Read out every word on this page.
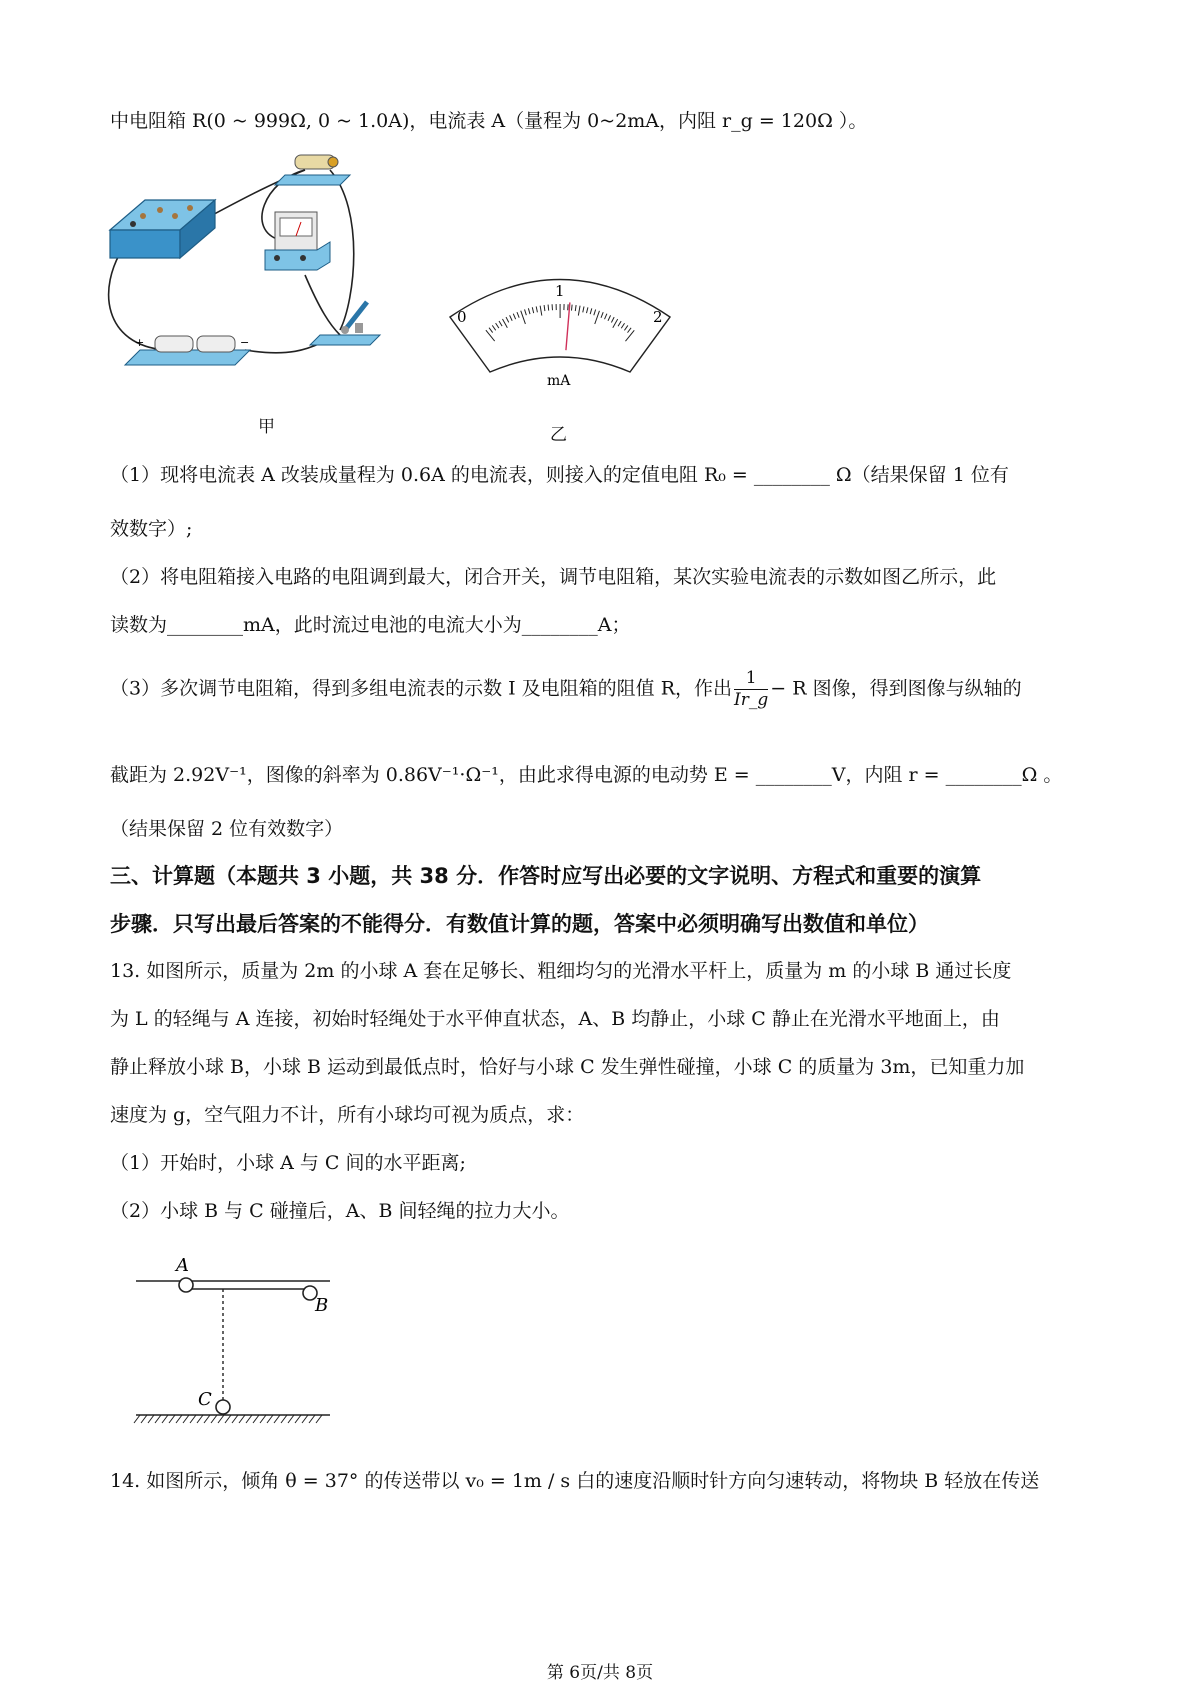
中电阻箱 R(0 ~ 999Ω, 0 ~ 1.0A)，电流表 A（量程为 0~2mA，内阻 r_g = 120Ω ）。
+	−
甲
0
1
2
mA
乙
（1）现将电流表 A 改装成量程为 0.6A 的电流表，则接入的定值电阻 R₀ = ________ Ω（结果保留 1 位有
效数字）;
（2）将电阻箱接入电路的电阻调到最大，闭合开关，调节电阻箱，某次实验电流表的示数如图乙所示，此
读数为________mA，此时流过电池的电流大小为________A；
（3）多次调节电阻箱，得到多组电流表的示数 I 及电阻箱的阻值 R，作出 $\frac{1}{Ir\_g} - R$ 图像，得到图像与纵轴的
截距为 2.92V⁻¹，图像的斜率为 0.86V⁻¹·Ω⁻¹，由此求得电源的电动势 E = ________V，内阻 r = ________Ω 。
（结果保留 2 位有效数字）
三、计算题（本题共 3 小题，共 38 分．作答时应写出必要的文字说明、方程式和重要的演算
步骤．只写出最后答案的不能得分．有数值计算的题，答案中必须明确写出数值和单位）
13. 如图所示，质量为 2m 的小球 A 套在足够长、粗细均匀的光滑水平杆上，质量为 m 的小球 B 通过长度
为 L 的轻绳与 A 连接，初始时轻绳处于水平伸直状态，A、B 均静止，小球 C 静止在光滑水平地面上，由
静止释放小球 B，小球 B 运动到最低点时，恰好与小球 C 发生弹性碰撞，小球 C 的质量为 3m，已知重力加
速度为 g，空气阻力不计，所有小球均可视为质点，求：
（1）开始时，小球 A 与 C 间的水平距离;
（2）小球 B 与 C 碰撞后，A、B 间轻绳的拉力大小。
A
B
C
14. 如图所示，倾角 θ = 37° 的传送带以 v₀ = 1m / s 白的速度沿顺时针方向匀速转动，将物块 B 轻放在传送
第 6页/共 8页
